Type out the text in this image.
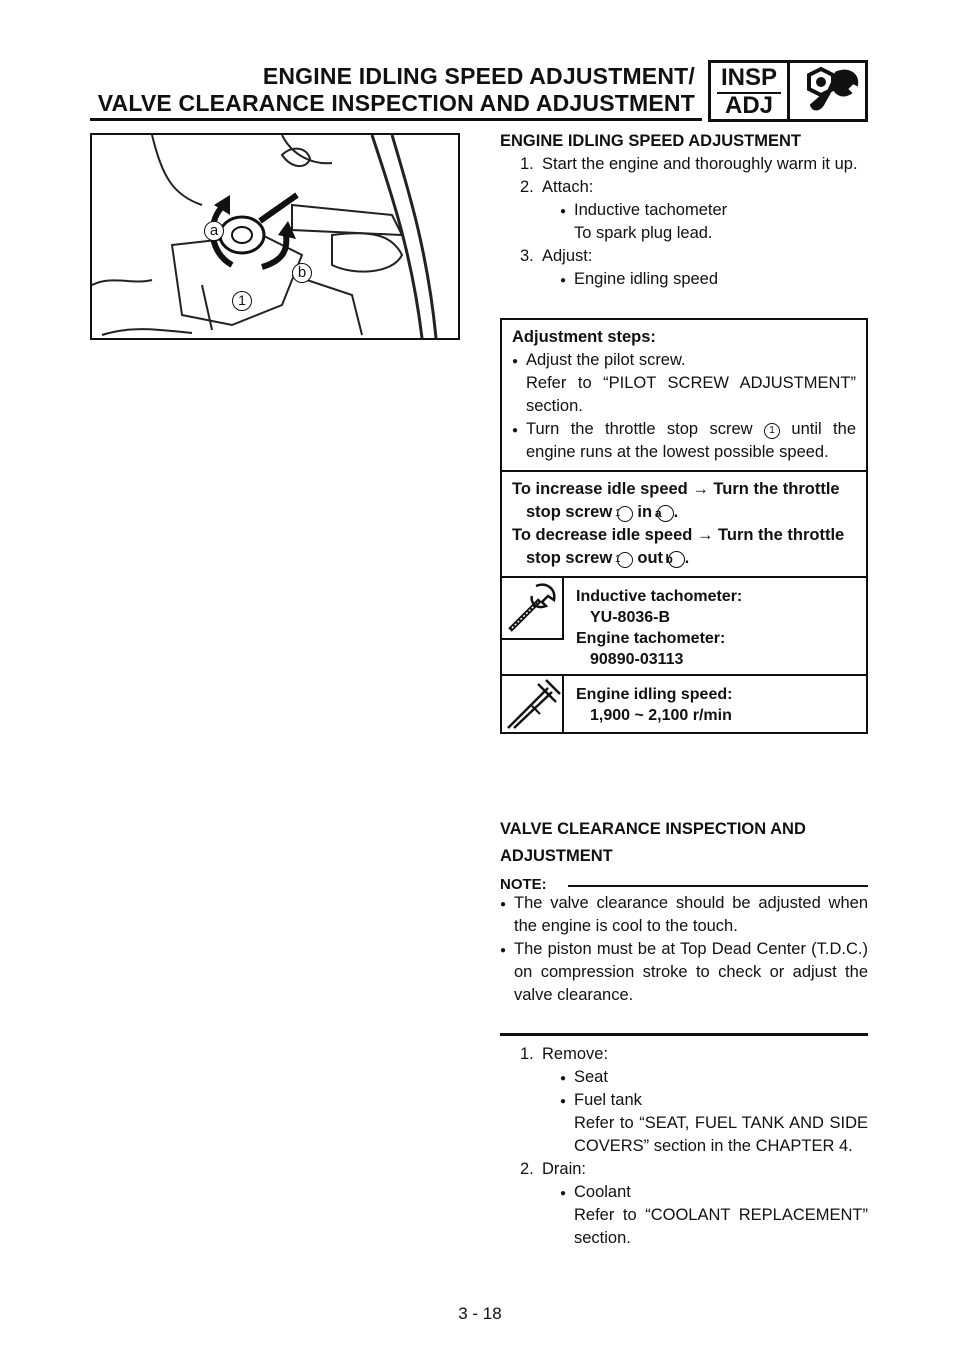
ENGINE IDLING SPEED ADJUSTMENT/
VALVE CLEARANCE INSPECTION AND ADJUSTMENT
INSP
ADJ
a
b
1
ENGINE IDLING SPEED ADJUSTMENT
1. Start the engine and thoroughly warm it up.
2. Attach:
● Inductive tachometer
To spark plug lead.
3. Adjust:
● Engine idling speed
Adjustment steps:
● Adjust the pilot screw.
Refer to “PILOT SCREW ADJUSTMENT” section.
● Turn the throttle stop screw 1 until the engine runs at the lowest possible speed.
To increase idle speed → Turn the throttle stop screw 1 in a .
To decrease idle speed → Turn the throttle stop screw 1 out b .
Inductive tachometer:
YU-8036-B
Engine tachometer:
90890-03113
Engine idling speed:
1,900 ~ 2,100 r/min
VALVE CLEARANCE INSPECTION AND
ADJUSTMENT
NOTE:
● The valve clearance should be adjusted when the engine is cool to the touch.
● The piston must be at Top Dead Center (T.D.C.) on compression stroke to check or adjust the valve clearance.
1. Remove:
● Seat
● Fuel tank
Refer to “SEAT, FUEL TANK AND SIDE COVERS” section in the CHAPTER 4.
2. Drain:
● Coolant
Refer to “COOLANT REPLACEMENT” section.
3 - 18
